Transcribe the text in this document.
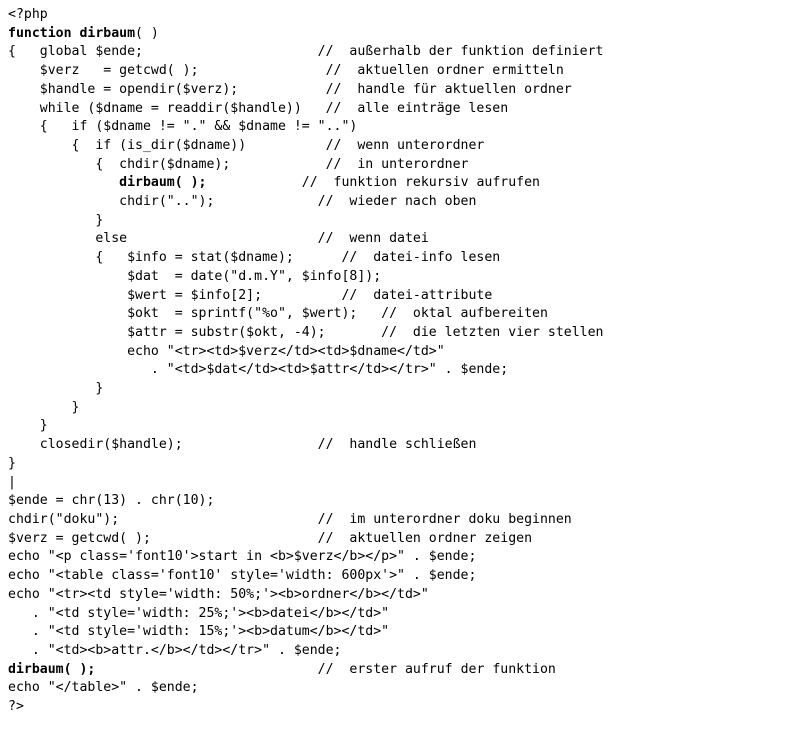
<?php
function dirbaum( )
{   global $ende;                      //  außerhalb der funktion definiert
$verz   = getcwd( );                //  aktuellen ordner ermitteln
$handle = opendir($verz);           //  handle für aktuellen ordner
while ($dname = readdir($handle))   //  alle einträge lesen
{   if ($dname != "." && $dname != "..")
{  if (is_dir($dname))          //  wenn unterordner
{  chdir($dname);            //  in unterordner
dirbaum( );            //  funktion rekursiv aufrufen
chdir("..");             //  wieder nach oben
}
else                        //  wenn datei
{   $info = stat($dname);      //  datei-info lesen
$dat  = date("d.m.Y", $info[8]);
$wert = $info[2];          //  datei-attribute
$okt  = sprintf("%o", $wert);   //  oktal aufbereiten
$attr = substr($okt, -4);       //  die letzten vier stellen
echo "<tr><td>$verz</td><td>$dname</td>"
. "<td>$dat</td><td>$attr</td></tr>" . $ende;
}
}
}
closedir($handle);                 //  handle schließen
}
|
$ende = chr(13) . chr(10);
chdir("doku");                         //  im unterordner doku beginnen
$verz = getcwd( );                     //  aktuellen ordner zeigen
echo "<p class='font10'>start in <b>$verz</b></p>" . $ende;
echo "<table class='font10' style='width: 600px'>" . $ende;
echo "<tr><td style='width: 50%;'><b>ordner</b></td>"
. "<td style='width: 25%;'><b>datei</b></td>"
. "<td style='width: 15%;'><b>datum</b></td>"
. "<td><b>attr.</b></td></tr>" . $ende;
dirbaum( );                            //  erster aufruf der funktion
echo "</table>" . $ende;
?>
